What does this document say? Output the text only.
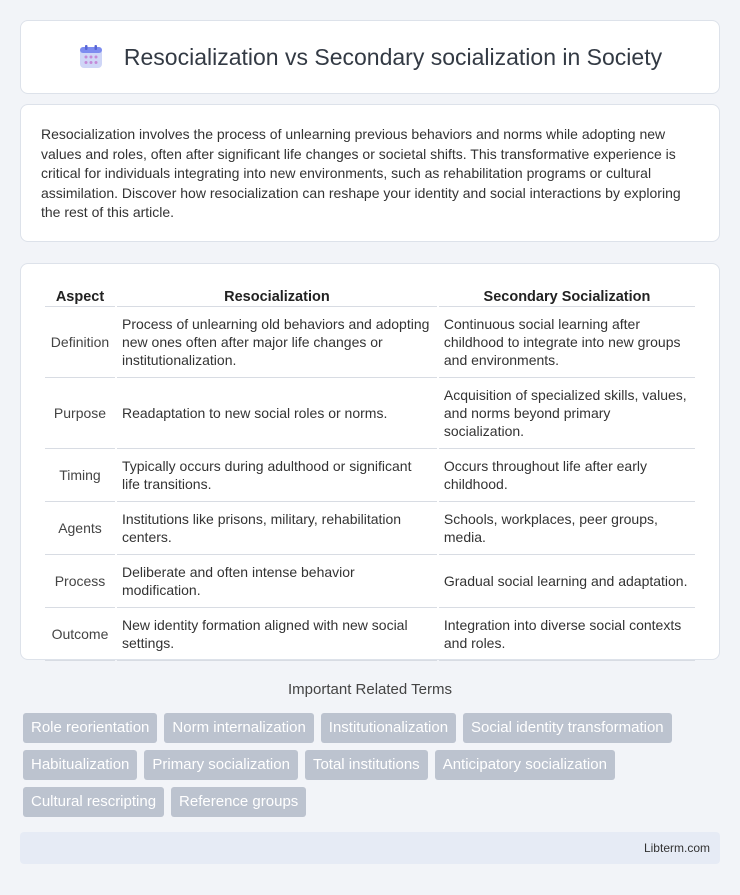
Resocialization vs Secondary socialization in Society

Resocialization involves the process of unlearning previous behaviors and norms while adopting new values and roles, often after significant life changes or societal shifts. This transformative experience is critical for individuals integrating into new environments, such as rehabilitation programs or cultural assimilation. Discover how resocialization can reshape your identity and social interactions by exploring the rest of this article.

Aspect	Resocialization	Secondary Socialization
Definition	Process of unlearning old behaviors and adopting new ones often after major life changes or institutionalization.	Continuous social learning after childhood to integrate into new groups and environments.
Purpose	Readaptation to new social roles or norms.	Acquisition of specialized skills, values, and norms beyond primary socialization.
Timing	Typically occurs during adulthood or significant life transitions.	Occurs throughout life after early childhood.
Agents	Institutions like prisons, military, rehabilitation centers.	Schools, workplaces, peer groups, media.
Process	Deliberate and often intense behavior modification.	Gradual social learning and adaptation.
Outcome	New identity formation aligned with new social settings.	Integration into diverse social contexts and roles.
Important Related Terms
Role reorientation	Norm internalization	Institutionalization	Social identity transformation
Habitualization	Primary socialization	Total institutions	Anticipatory socialization
Cultural rescripting	Reference groups
Libterm.com
